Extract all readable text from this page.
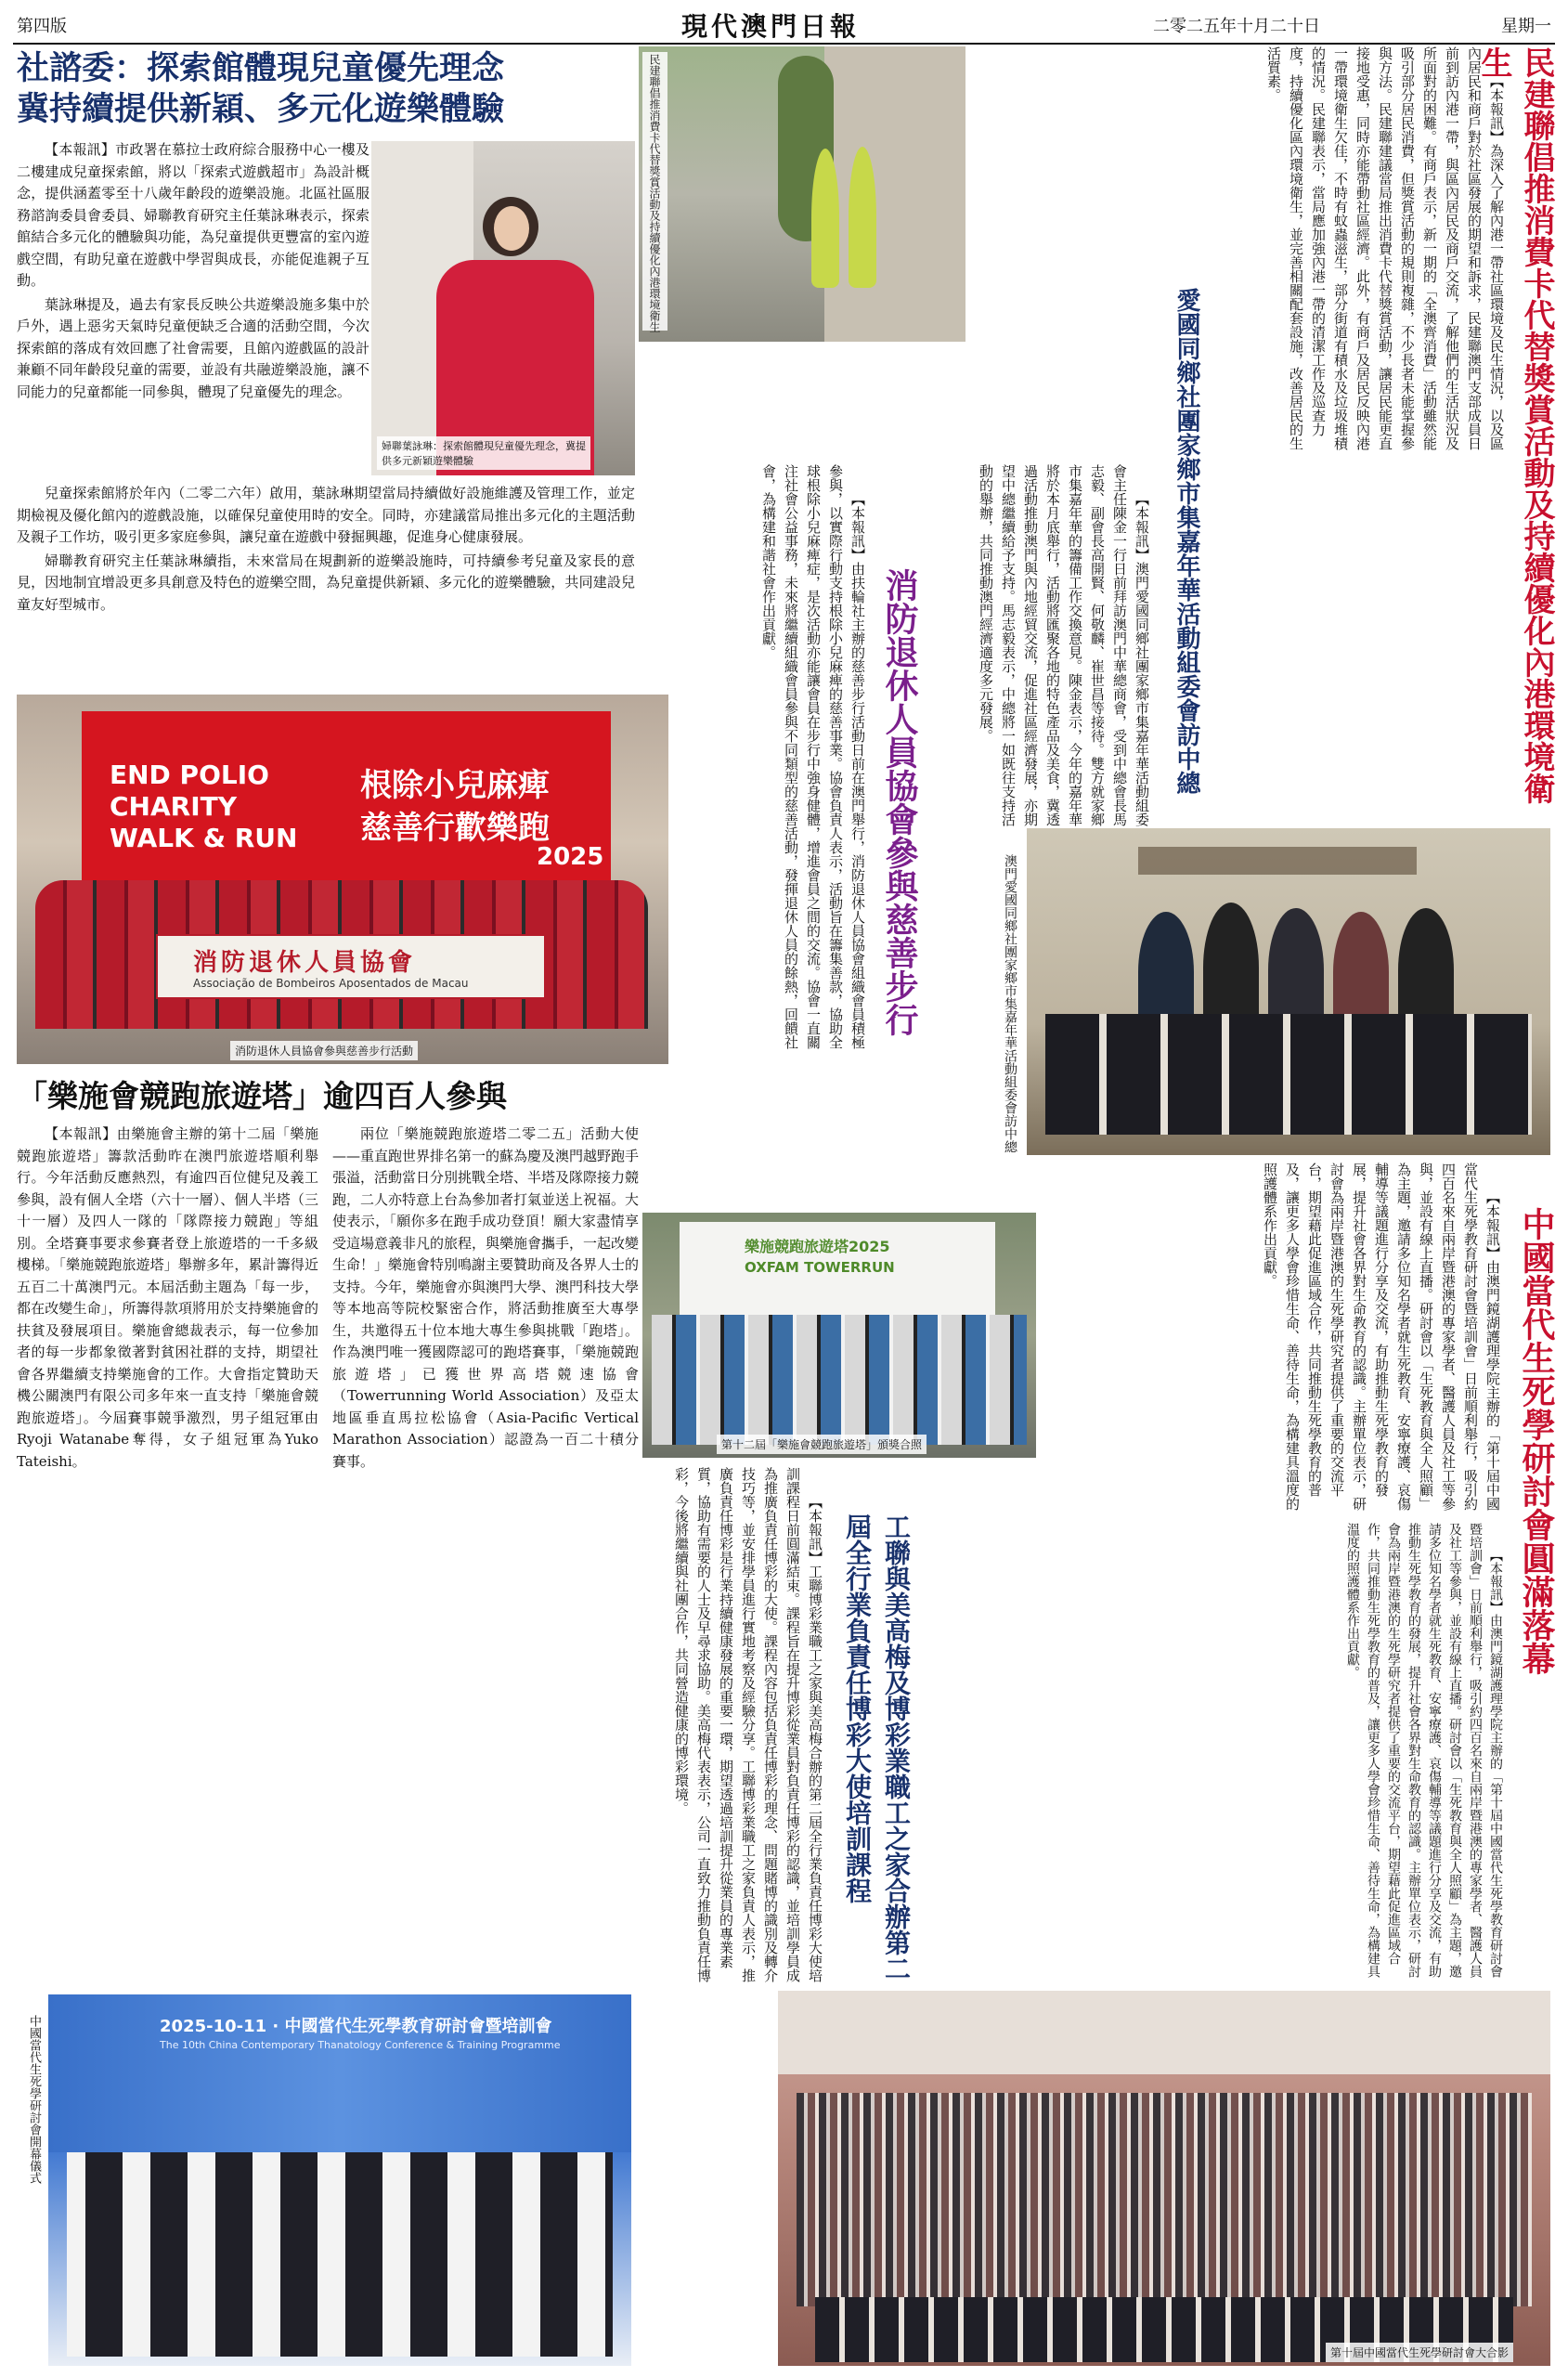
第四版	現代澳門日報	二零二五年十月二十日	星期一
社諮委：探索館體現兒童優先理念
冀持續提供新穎、多元化遊樂體驗

【本報訊】市政署在慕拉士政府綜合服務中心一樓及二樓建成兒童探索館，將以「探索式遊戲超市」為設計概念，提供涵蓋零至十八歲年齡段的遊樂設施。北區社區服務諮詢委員會委員、婦聯教育研究主任葉詠琳表示，探索館結合多元化的體驗與功能，為兒童提供更豐富的室內遊戲空間，有助兒童在遊戲中學習與成長，亦能促進親子互動。

葉詠琳提及，過去有家長反映公共遊樂設施多集中於戶外，遇上惡劣天氣時兒童便缺乏合適的活動空間，今次探索館的落成有效回應了社會需要，且館內遊戲區的設計兼顧不同年齡段兒童的需要，並設有共融遊樂設施，讓不同能力的兒童都能一同參與，體現了兒童優先的理念。

婦聯葉詠琳：探索館體現兒童優先理念，冀提供多元新穎遊樂體驗

兒童探索館將於年內（二零二六年）啟用，葉詠琳期望當局持續做好設施維護及管理工作，並定期檢視及優化館內的遊戲設施，以確保兒童使用時的安全。同時，亦建議當局推出多元化的主題活動及親子工作坊，吸引更多家庭參與，讓兒童在遊戲中發掘興趣，促進身心健康發展。

婦聯教育研究主任葉詠琳續指，未來當局在規劃新的遊樂設施時，可持續參考兒童及家長的意見，因地制宜增設更多具創意及特色的遊樂空間，為兒童提供新穎、多元化的遊樂體驗，共同建設兒童友好型城市。

民建聯倡推消費卡代替獎賞活動及持續優化內港環境衛生	【本報訊】為深入了解內港一帶社區環境及民生情況，以及區內居民和商戶對於社區發展的期望和訴求，民建聯澳門支部成員日前到訪內港一帶，與區內居民及商戶交流，了解他們的生活狀況及所面對的困難。有商戶表示，新一期的「全澳齊消費」活動雖然能吸引部分居民消費，但獎賞活動的規則複雜，不少長者未能掌握參與方法。民建聯建議當局推出消費卡代替獎賞活動，讓居民能更直接地受惠，同時亦能帶動社區經濟。此外，有商戶及居民反映內港一帶環境衛生欠佳，不時有蚊蟲滋生，部分街道有積水及垃圾堆積的情況。民建聯表示，當局應加強內港一帶的清潔工作及巡查力度，持續優化區內環境衛生，並完善相關配套設施，改善居民的生活質素。	民建聯倡推消費卡代替獎賞活動及持續優化內港環境衛生
愛國同鄉社團家鄉市集嘉年華活動組委會訪中總

【本報訊】澳門愛國同鄉社團家鄉市集嘉年華活動組委會主任陳金一行日前拜訪澳門中華總商會，受到中總會長馬志毅、副會長高開賢、何敬麟、崔世昌等接待。雙方就家鄉市集嘉年華的籌備工作交換意見。陳金表示，今年的嘉年華將於本月底舉行，活動將匯聚各地的特色產品及美食，冀透過活動推動澳門與內地經貿交流，促進社區經濟發展，亦期望中總繼續給予支持。馬志毅表示，中總將一如既往支持活動的舉辦，共同推動澳門經濟適度多元發展。

澳門愛國同鄉社團家鄉市集嘉年華活動組委會訪中總

END POLIO
CHARITY
WALK & RUN
根除小兒麻痺
慈善行歡樂跑
2025
消防退休人員協會
Associação de Bombeiros Aposentados de Macau
消防退休人員協會參與慈善步行活動
消防退休人員協會參與慈善步行

【本報訊】由扶輪社主辦的慈善步行活動日前在澳門舉行，消防退休人員協會組織會員積極參與，以實際行動支持根除小兒麻痺的慈善事業。協會負責人表示，活動旨在籌集善款，協助全球根除小兒麻痺症，是次活動亦能讓會員在步行中強身健體，增進會員之間的交流。協會一直關注社會公益事務，未來將繼續組織會員參與不同類型的慈善活動，發揮退休人員的餘熱，回饋社會，為構建和諧社會作出貢獻。

「樂施會競跑旅遊塔」逾四百人參與

【本報訊】由樂施會主辦的第十二屆「樂施競跑旅遊塔」籌款活動昨在澳門旅遊塔順利舉行。今年活動反應熱烈，有逾四百位健兒及義工參與，設有個人全塔（六十一層）、個人半塔（三十一層）及四人一隊的「隊際接力競跑」等組別。全塔賽事要求參賽者登上旅遊塔的一千多級樓梯。「樂施競跑旅遊塔」舉辦多年，累計籌得近五百二十萬澳門元。本屆活動主題為「每一步，都在改變生命」，所籌得款項將用於支持樂施會的扶貧及發展項目。樂施會總裁表示，每一位參加者的每一步都象徵著對貧困社群的支持，期望社會各界繼續支持樂施會的工作。大會指定贊助天機公關澳門有限公司多年來一直支持「樂施會競跑旅遊塔」。今屆賽事競爭激烈，男子組冠軍由Ryoji Watanabe奪得，女子組冠軍為Yuko Tateishi。

兩位「樂施競跑旅遊塔二零二五」活動大使——重直跑世界排名第一的蘇為慶及澳門越野跑手張溢，活動當日分別挑戰全塔、半塔及隊際接力競跑，二人亦特意上台為參加者打氣並送上祝福。大使表示，「願你多在跑手成功登頂！願大家盡情享受這場意義非凡的旅程，與樂施會攜手，一起改變生命！」樂施會特別鳴謝主要贊助商及各界人士的支持。今年，樂施會亦與澳門大學、澳門科技大學等本地高等院校緊密合作，將活動推廣至大專學生，共邀得五十位本地大專生參與挑戰「跑塔」。作為澳門唯一獲國際認可的跑塔賽事，「樂施競跑旅遊塔」已獲世界高塔競速協會（Towerrunning World Association）及亞太地區垂直馬拉松協會（Asia-Pacific Vertical Marathon Association）認證為一百二十積分賽事。

樂施競跑旅遊塔2025
OXFAM TOWERRUN
第十二屆「樂施會競跑旅遊塔」頒獎合照	中國當代生死學研討會圓滿落幕

【本報訊】由澳門鏡湖護理學院主辦的「第十屆中國當代生死學教育研討會暨培訓會」日前順利舉行，吸引約四百名來自兩岸暨港澳的專家學者、醫護人員及社工等參與，並設有線上直播。研討會以「生死教育與全人照顧」為主題，邀請多位知名學者就生死教育、安寧療護、哀傷輔導等議題進行分享及交流，有助推動生死學教育的發展，提升社會各界對生命教育的認識。主辦單位表示，研討會為兩岸暨港澳的生死學研究者提供了重要的交流平台，期望藉此促進區域合作，共同推動生死學教育的普及，讓更多人學會珍惜生命、善待生命，為構建具溫度的照護體系作出貢獻。

工聯與美高梅及博彩業職工之家合辦第二屆全行業負責任博彩大使培訓課程

【本報訊】工聯博彩業職工之家與美高梅合辦的第二屆全行業負責任博彩大使培訓課程日前圓滿結束。課程旨在提升博彩從業員對負責任博彩的認識，並培訓學員成為推廣負責任博彩的大使。課程內容包括負責任博彩的理念、問題賭博的識別及轉介技巧等，並安排學員進行實地考察及經驗分享。工聯博彩業職工之家負責人表示，推廣負責任博彩是行業持續健康發展的重要一環，期望透過培訓提升從業員的專業素質，協助有需要的人士及早尋求協助。美高梅代表表示，公司一直致力推動負責任博彩，今後將繼續與社團合作，共同營造健康的博彩環境。	【本報訊】由澳門鏡湖護理學院主辦的「第十屆中國當代生死學教育研討會暨培訓會」日前順利舉行，吸引約四百名來自兩岸暨港澳的專家學者、醫護人員及社工等參與，並設有線上直播。研討會以「生死教育與全人照顧」為主題，邀請多位知名學者就生死教育、安寧療護、哀傷輔導等議題進行分享及交流，有助推動生死學教育的發展，提升社會各界對生命教育的認識。主辦單位表示，研討會為兩岸暨港澳的生死學研究者提供了重要的交流平台，期望藉此促進區域合作，共同推動生死學教育的普及，讓更多人學會珍惜生命、善待生命，為構建具溫度的照護體系作出貢獻。

2025-10-11 · 中國當代生死學教育研討會暨培訓會
The 10th China Contemporary Thanatology Conference & Training Programme

中國當代生死學研討會開幕儀式

第十屆中國當代生死學研討會大合影
